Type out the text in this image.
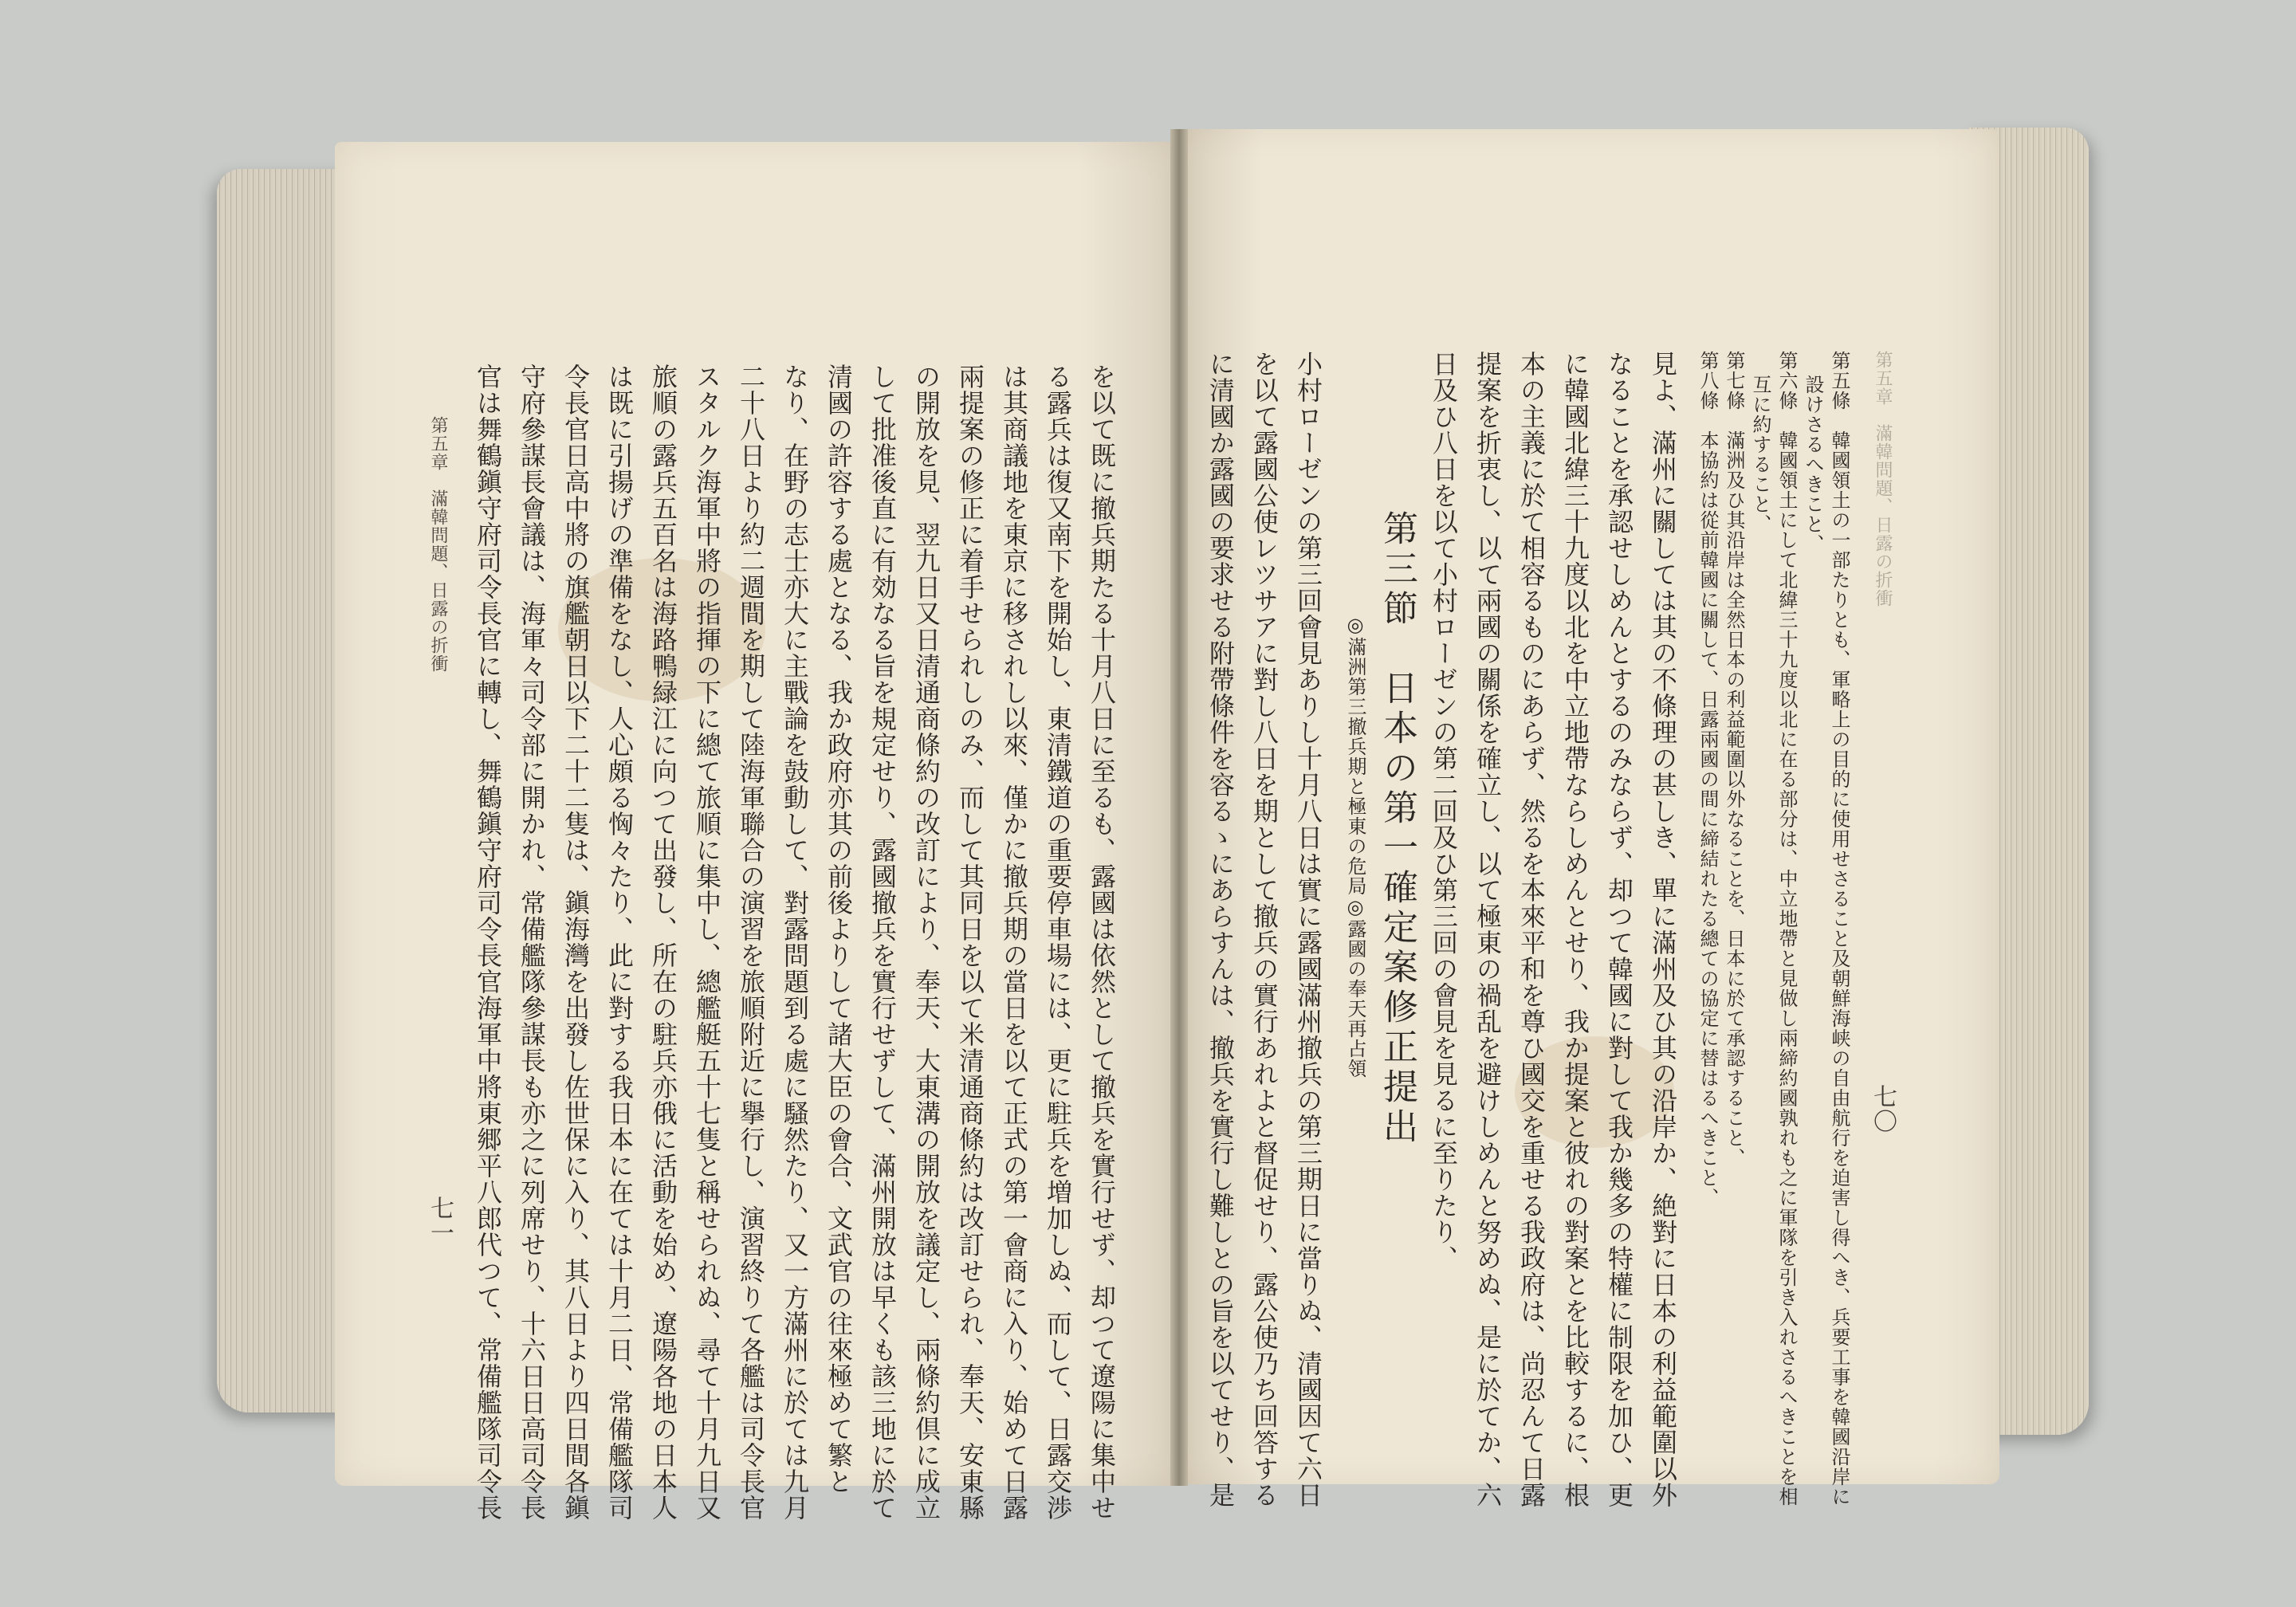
を以て既に撤兵期たる十月八日に至るも、露國は依然として撤兵を實行せず、却つて遼陽に集中せ
る露兵は復又南下を開始し、東清鐵道の重要停車場には、更に駐兵を増加しぬ、而して、日露交渉
は其商議地を東京に移されし以來、僅かに撤兵期の當日を以て正式の第一會商に入り、始めて日露
兩提案の修正に着手せられしのみ、而して其同日を以て米清通商條約は改訂せられ、奉天、安東縣
の開放を見、翌九日又日清通商條約の改訂により、奉天、大東溝の開放を議定し、兩條約倶に成立
して批准後直に有効なる旨を規定せり、露國撤兵を實行せずして、滿州開放は早くも該三地に於て
清國の許容する處となる、我か政府亦其の前後よりして諸大臣の會合、文武官の往來極めて繁と
なり、在野の志士亦大に主戰論を鼓動して、對露問題到る處に騷然たり、又一方滿州に於ては九月
二十八日より約二週間を期して陸海軍聯合の演習を旅順附近に擧行し、演習終りて各艦は司令長官
スタルク海軍中將の指揮の下に總て旅順に集中し、總艦艇五十七隻と稱せられぬ、尋て十月九日又
旅順の露兵五百名は海路鴨緑江に向つて出發し、所在の駐兵亦俄に活動を始め、遼陽各地の日本人
は既に引揚げの準備をなし、人心頗る恟々たり、此に對する我日本に在ては十月二日、常備艦隊司
令長官日高中將の旗艦朝日以下二十二隻は、鎭海灣を出發し佐世保に入り、其八日より四日間各鎭
守府參謀長會議は、海軍々司令部に開かれ、常備艦隊參謀長も亦之に列席せり、十六日日高司令長
官は舞鶴鎭守府司令長官に轉し、舞鶴鎭守府司令長官海軍中將東郷平八郎代つて、常備艦隊司令長
第五章　滿韓問題、日露の折衝
七一
七〇
第五章　滿韓問題、日露の折衝
第五條　韓國領土の一部たりとも、軍略上の目的に使用せさること及朝鮮海峡の自由航行を迫害し得へき、兵要工事を韓國沿岸に
設けさるへきこと、
第六條　韓國領土にして北緯三十九度以北に在る部分は、中立地帶と見做し兩締約國孰れも之に軍隊を引き入れさるへきことを相
互に約すること、
第七條　滿洲及ひ其沿岸は全然日本の利益範圍以外なることを、日本に於て承認すること、
第八條　本協約は從前韓國に關して、日露兩國の間に締結れたる總ての協定に替はるへきこと、
見よ、滿州に關しては其の不條理の甚しき、單に滿州及ひ其の沿岸か、絶對に日本の利益範圍以外
なることを承認せしめんとするのみならず、却つて韓國に對して我か幾多の特權に制限を加ひ、更
に韓國北緯三十九度以北を中立地帶ならしめんとせり、我か提案と彼れの對案とを比較するに、根
本の主義に於て相容るものにあらず、然るを本來平和を尊ひ國交を重せる我政府は、尚忍んて日露
提案を折衷し、以て兩國の關係を確立し、以て極東の禍乱を避けしめんと努めぬ、是に於てか、六
日及ひ八日を以て小村ローゼンの第二回及ひ第三回の會見を見るに至りたり、
第三節　日本の第一確定案修正提出
◎滿洲第三撤兵期と極東の危局◎露國の奉天再占領
小村ローゼンの第三回會見ありし十月八日は實に露國滿州撤兵の第三期日に當りぬ、清國因て六日
を以て露國公使レツサアに對し八日を期として撤兵の實行あれよと督促せり、露公使乃ち回答する
に清國か露國の要求せる附帶條件を容るゝにあらすんは、撤兵を實行し難しとの旨を以てせり、是
